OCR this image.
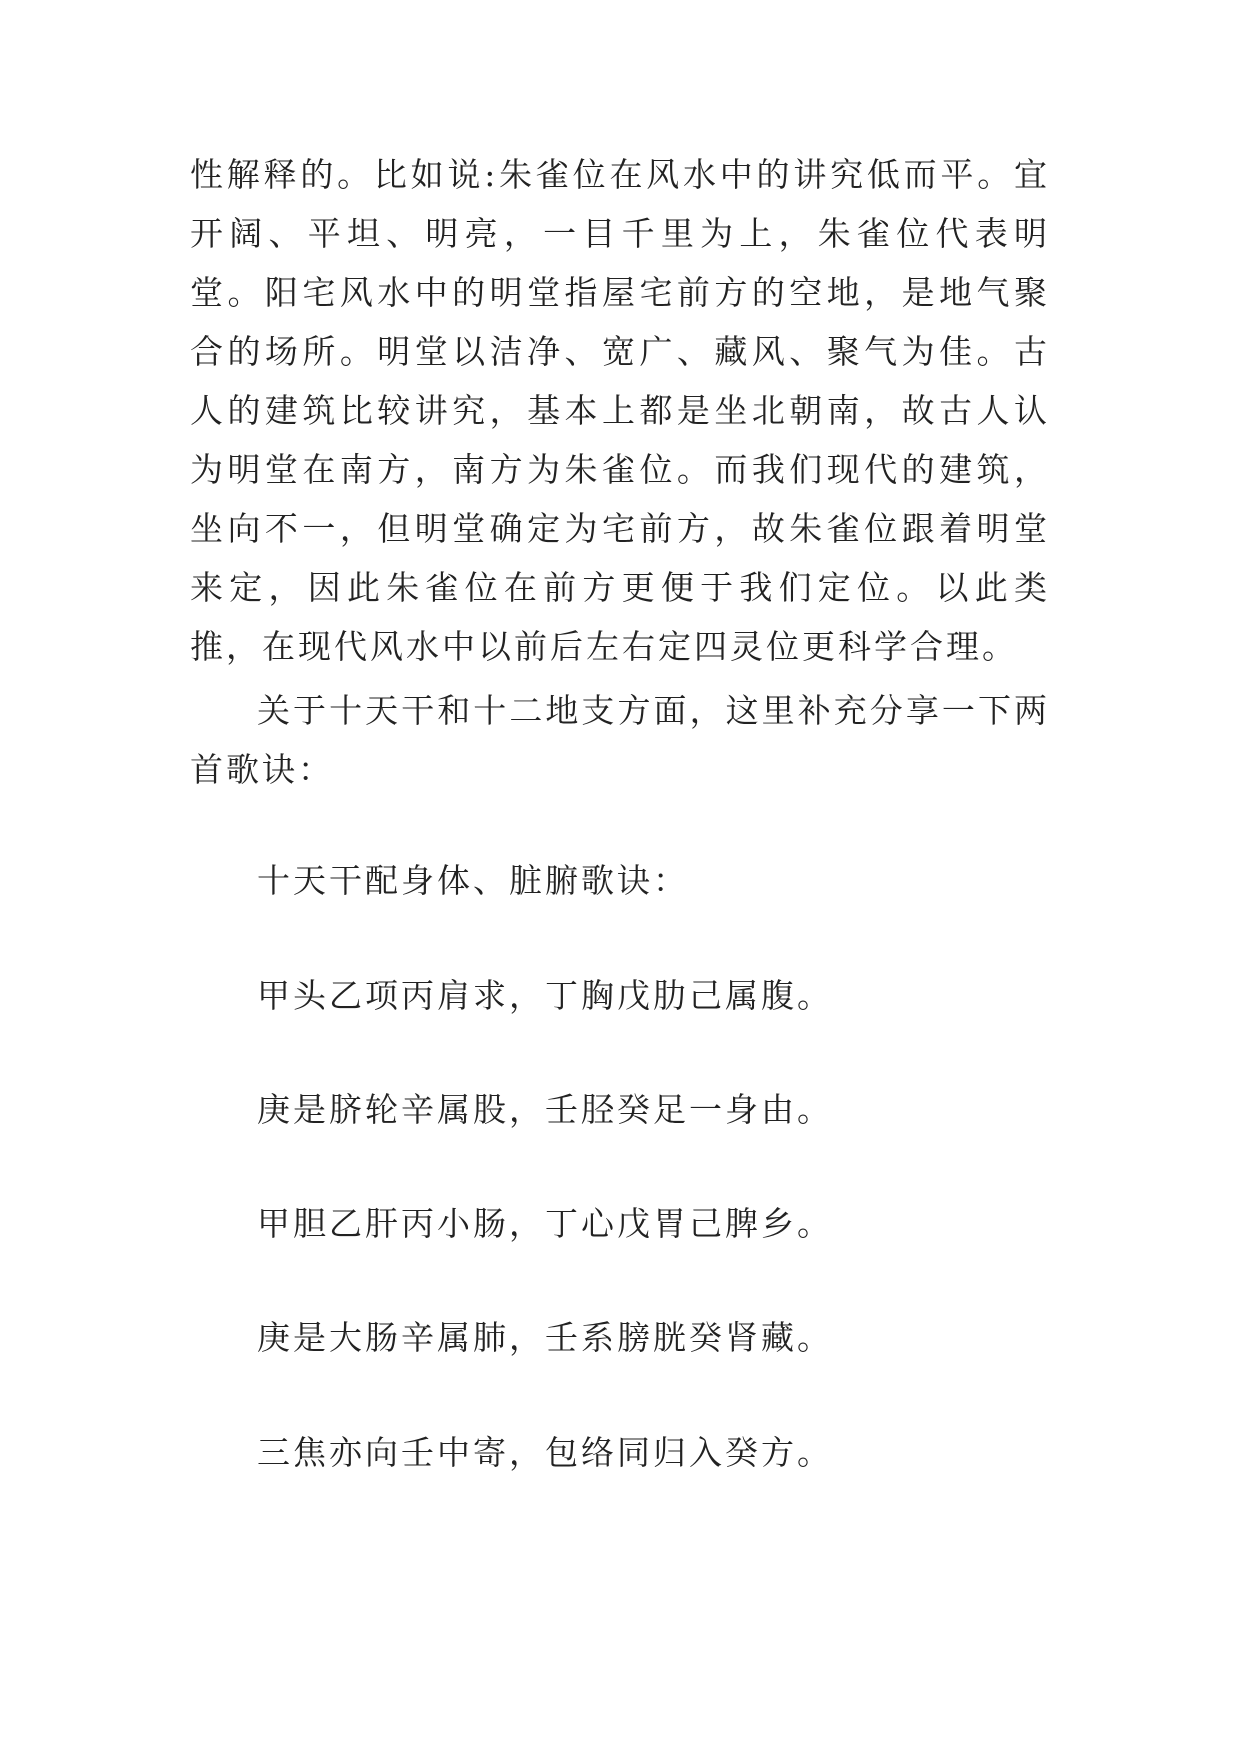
性解释的。比如说:朱雀位在风水中的讲究低而平。宜开阔、平坦、明亮，一目千里为上，朱雀位代表明堂。阳宅风水中的明堂指屋宅前方的空地，是地气聚合的场所。明堂以洁净、宽广、藏风、聚气为佳。古人的建筑比较讲究，基本上都是坐北朝南，故古人认为明堂在南方，南方为朱雀位。而我们现代的建筑，坐向不一，但明堂确定为宅前方，故朱雀位跟着明堂来定，因此朱雀位在前方更便于我们定位。以此类推，在现代风水中以前后左右定四灵位更科学合理。

关于十天干和十二地支方面，这里补充分享一下两首歌诀：

十天干配身体、脏腑歌诀：

甲头乙项丙肩求，丁胸戊肋己属腹。

庚是脐轮辛属股，壬胫癸足一身由。

甲胆乙肝丙小肠，丁心戊胃己脾乡。

庚是大肠辛属肺，壬系膀胱癸肾藏。

三焦亦向壬中寄，包络同归入癸方。
